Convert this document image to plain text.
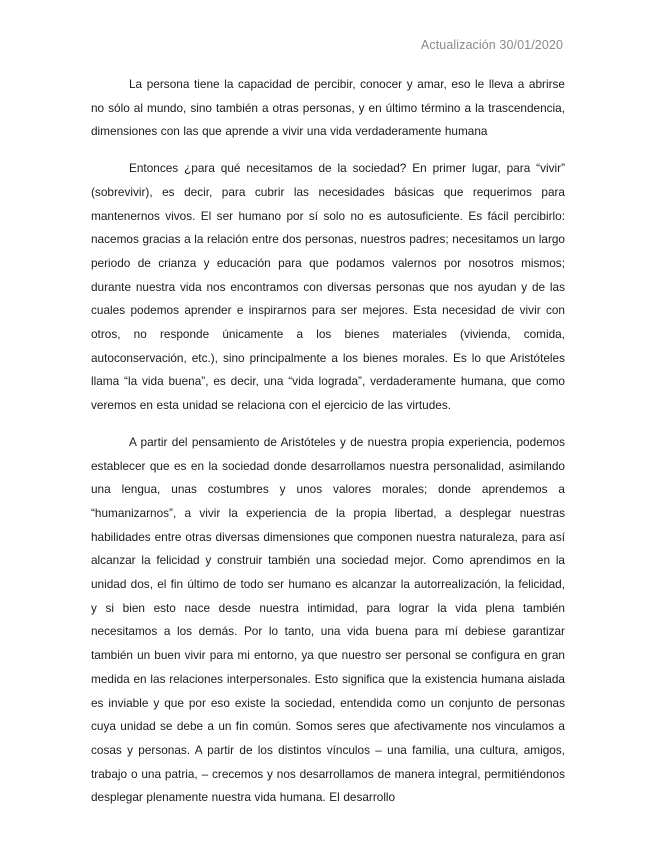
Actualización 30/01/2020

La persona tiene la capacidad de percibir, conocer y amar, eso le lleva a abrirse no sólo al mundo, sino también a otras personas, y en último término a la trascendencia, dimensiones con las que aprende a vivir una vida verdaderamente humana

Entonces ¿para qué necesitamos de la sociedad? En primer lugar, para “vivir” (sobrevivir), es decir, para cubrir las necesidades básicas que requerimos para mantenernos vivos. El ser humano por sí solo no es autosuficiente. Es fácil percibirlo: nacemos gracias a la relación entre dos personas, nuestros padres; necesitamos un largo periodo de crianza y educación para que podamos valernos por nosotros mismos; durante nuestra vida nos encontramos con diversas personas que nos ayudan y de las cuales podemos aprender e inspirarnos para ser mejores. Esta necesidad de vivir con otros, no responde únicamente a los bienes materiales (vivienda, comida, autoconservación, etc.), sino principalmente a los bienes morales. Es lo que Aristóteles llama “la vida buena”, es decir, una “vida lograda”, verdaderamente humana, que como veremos en esta unidad se relaciona con el ejercicio de las virtudes.

A partir del pensamiento de Aristóteles y de nuestra propia experiencia, podemos establecer que es en la sociedad donde desarrollamos nuestra personalidad, asimilando una lengua, unas costumbres y unos valores morales; donde aprendemos a “humanizarnos”, a vivir la experiencia de la propia libertad, a desplegar nuestras habilidades entre otras diversas dimensiones que componen nuestra naturaleza, para así alcanzar la felicidad y construir también una sociedad mejor. Como aprendimos en la unidad dos, el fin último de todo ser humano es alcanzar la autorrealización, la felicidad, y si bien esto nace desde nuestra intimidad, para lograr la vida plena también necesitamos a los demás. Por lo tanto, una vida buena para mí debiese garantizar también un buen vivir para mi entorno, ya que nuestro ser personal se configura en gran medida en las relaciones interpersonales. Esto significa que la existencia humana aislada es inviable y que por eso existe la sociedad, entendida como un conjunto de personas cuya unidad se debe a un fin común. Somos seres que afectivamente nos vinculamos a cosas y personas. A partir de los distintos vínculos – una familia, una cultura, amigos, trabajo o una patria, – crecemos y nos desarrollamos de manera integral, permitiéndonos desplegar plenamente nuestra vida humana. El desarrollo
